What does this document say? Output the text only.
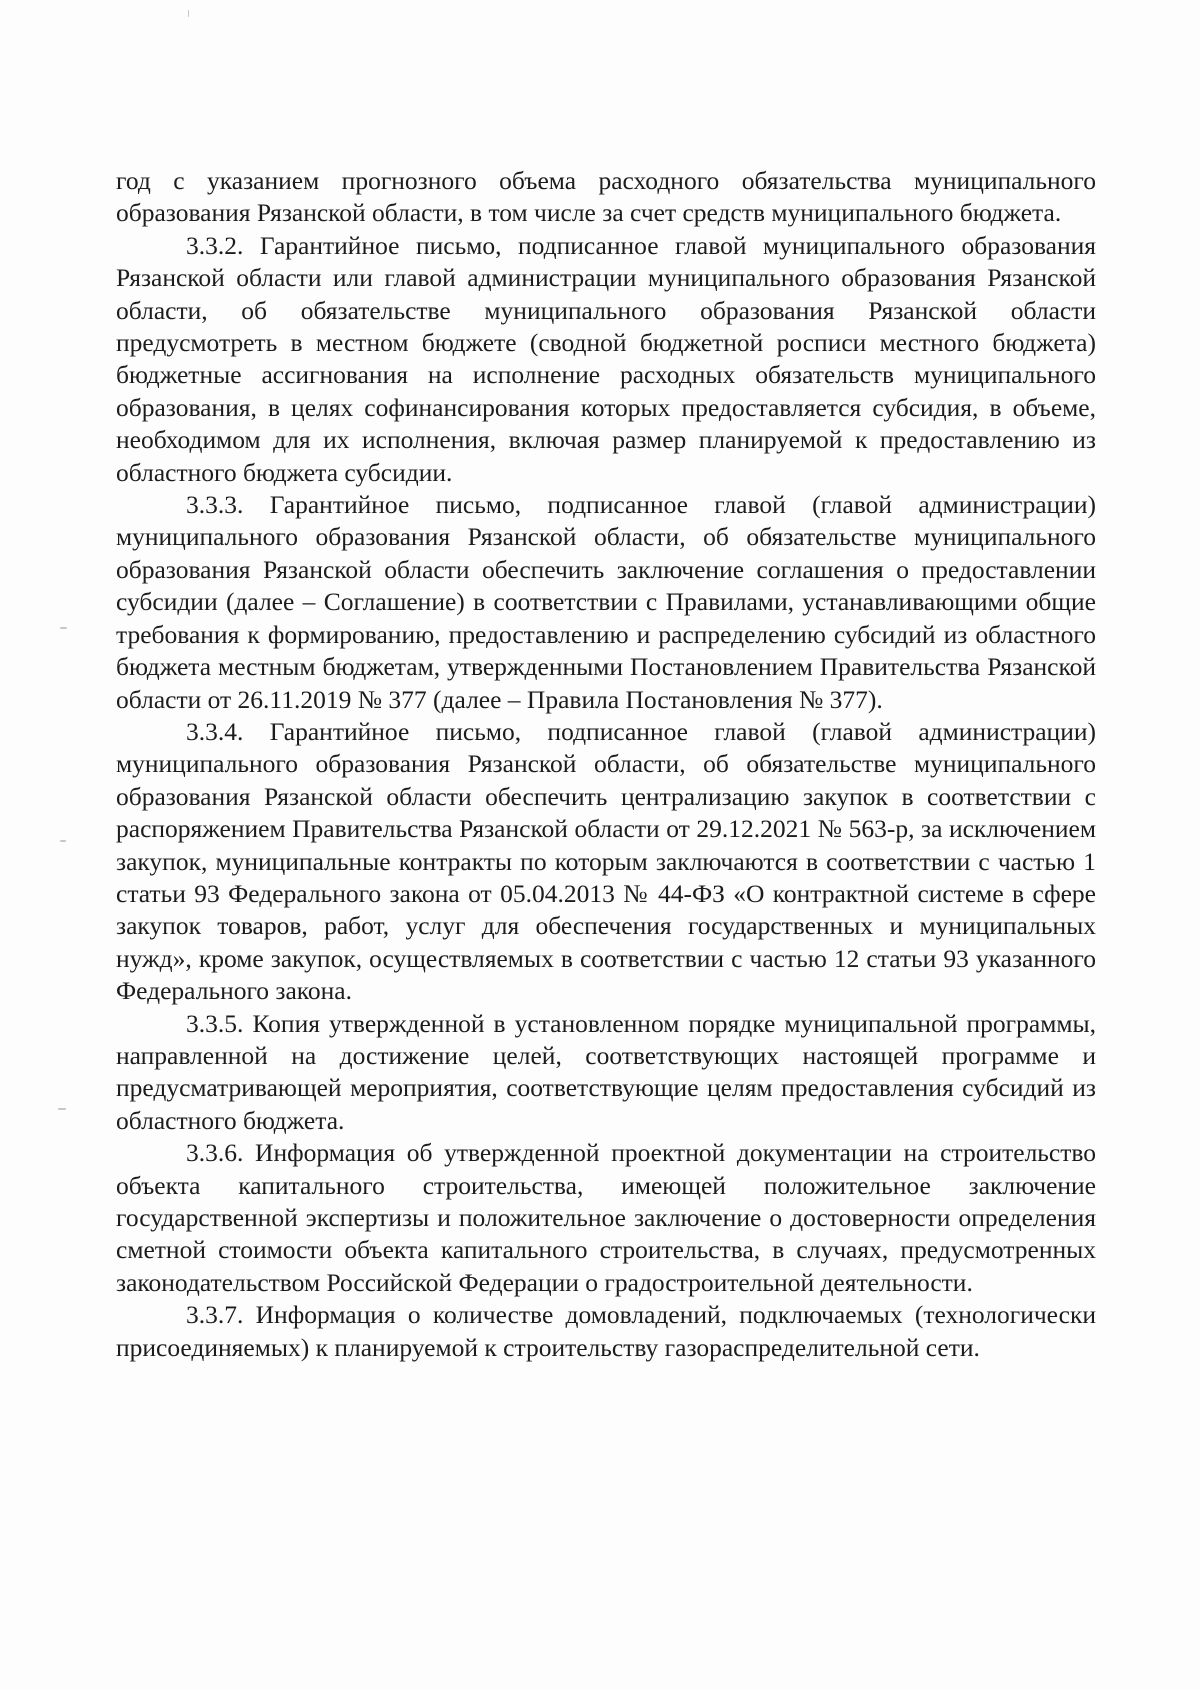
год с указанием прогнозного объема расходного обязательства муниципального образования Рязанской области, в том числе за счет средств муниципального бюджета.

3.3.2. Гарантийное письмо, подписанное главой муниципального образования Рязанской области или главой администрации муниципального образования Рязанской области, об обязательстве муниципального образования Рязанской области предусмотреть в местном бюджете (сводной бюджетной росписи местного бюджета) бюджетные ассигнования на исполнение расходных обязательств муниципального образования, в целях софинансирования которых предоставляется субсидия, в объеме, необходимом для их исполнения, включая размер планируемой к предоставлению из областного бюджета субсидии.

3.3.3. Гарантийное письмо, подписанное главой (главой администрации) муниципального образования Рязанской области, об обязательстве муниципального образования Рязанской области обеспечить заключение соглашения о предоставлении субсидии (далее – Соглашение) в соответствии с Правилами, устанавливающими общие требования к формированию, предоставлению и распределению субсидий из областного бюджета местным бюджетам, утвержденными Постановлением Правительства Рязанской области от 26.11.2019 № 377 (далее – Правила Постановления № 377).

3.3.4. Гарантийное письмо, подписанное главой (главой администрации) муниципального образования Рязанской области, об обязательстве муниципального образования Рязанской области обеспечить централизацию закупок в соответствии с распоряжением Правительства Рязанской области от 29.12.2021 № 563-р, за исключением закупок, муниципальные контракты по которым заключаются в соответствии с частью 1 статьи 93 Федерального закона от 05.04.2013 № 44-ФЗ «О контрактной системе в сфере закупок товаров, работ, услуг для обеспечения государственных и муниципальных нужд», кроме закупок, осуществляемых в соответствии с частью 12 статьи 93 указанного Федерального закона.

3.3.5. Копия утвержденной в установленном порядке муниципальной программы, направленной на достижение целей, соответствующих настоящей программе и предусматривающей мероприятия, соответствующие целям предоставления субсидий из областного бюджета.

3.3.6. Информация об утвержденной проектной документации на строительство объекта капитального строительства, имеющей положительное заключение государственной экспертизы и положительное заключение о достоверности определения сметной стоимости объекта капитального строительства, в случаях, предусмотренных законодательством Российской Федерации о градостроительной деятельности.

3.3.7. Информация о количестве домовладений, подключаемых (технологически присоединяемых) к планируемой к строительству газораспределительной сети.
